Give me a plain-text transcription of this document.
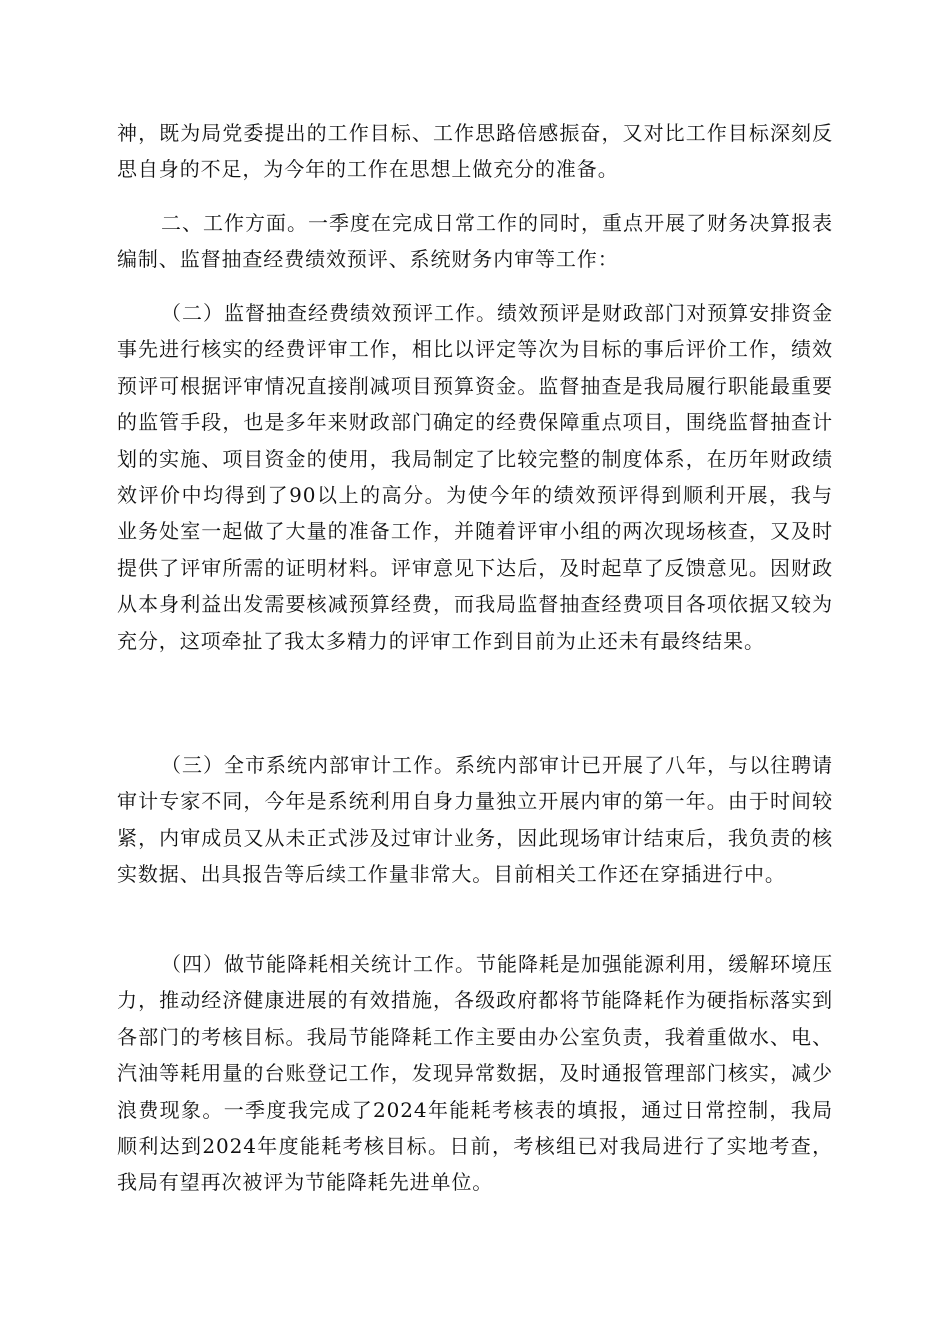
神，既为局党委提出的工作目标、工作思路倍感振奋，又对比工作目标深刻反思自身的不足，为今年的工作在思想上做充分的准备。

二、工作方面。一季度在完成日常工作的同时，重点开展了财务决算报表编制、监督抽查经费绩效预评、系统财务内审等工作：

（二）监督抽查经费绩效预评工作。绩效预评是财政部门对预算安排资金事先进行核实的经费评审工作，相比以评定等次为目标的事后评价工作，绩效预评可根据评审情况直接削减项目预算资金。监督抽查是我局履行职能最重要的监管手段，也是多年来财政部门确定的经费保障重点项目，围绕监督抽查计划的实施、项目资金的使用，我局制定了比较完整的制度体系，在历年财政绩效评价中均得到了90以上的高分。为使今年的绩效预评得到顺利开展，我与业务处室一起做了大量的准备工作，并随着评审小组的两次现场核查，又及时提供了评审所需的证明材料。评审意见下达后，及时起草了反馈意见。因财政从本身利益出发需要核减预算经费，而我局监督抽查经费项目各项依据又较为充分，这项牵扯了我太多精力的评审工作到目前为止还未有最终结果。

（三）全市系统内部审计工作。系统内部审计已开展了八年，与以往聘请审计专家不同，今年是系统利用自身力量独立开展内审的第一年。由于时间较紧，内审成员又从未正式涉及过审计业务，因此现场审计结束后，我负责的核实数据、出具报告等后续工作量非常大。目前相关工作还在穿插进行中。

（四）做节能降耗相关统计工作。节能降耗是加强能源利用，缓解环境压力，推动经济健康进展的有效措施，各级政府都将节能降耗作为硬指标落实到各部门的考核目标。我局节能降耗工作主要由办公室负责，我着重做水、电、汽油等耗用量的台账登记工作，发现异常数据，及时通报管理部门核实，减少浪费现象。一季度我完成了2024年能耗考核表的填报，通过日常控制，我局顺利达到2024年度能耗考核目标。日前，考核组已对我局进行了实地考查，我局有望再次被评为节能降耗先进单位。
